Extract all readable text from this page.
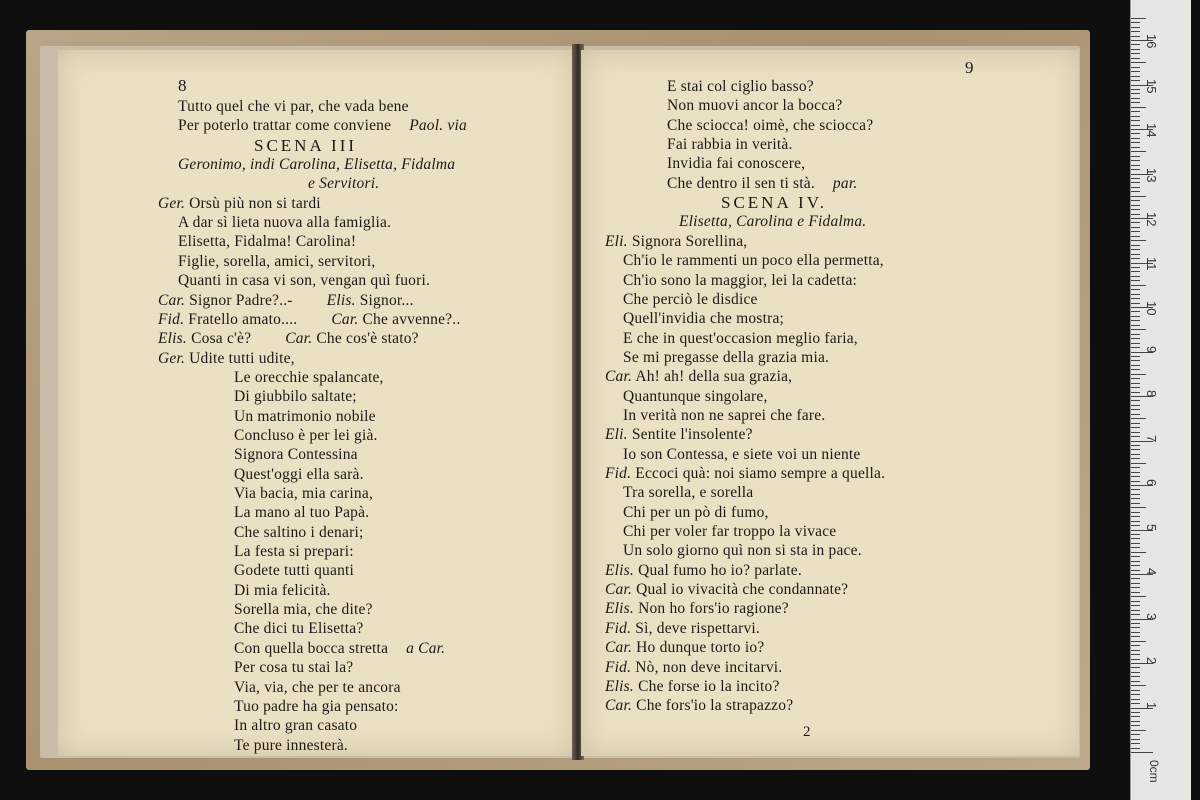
8
Tutto quel che vi par, che vada bene
Per poterlo trattar come conviene Paol. via
SCENA III
Geronimo, indi Carolina, Elisetta, Fidalma
e Servitori.
Ger. Orsù più non si tardi
A dar sì lieta nuova alla famiglia.
Elisetta, Fidalma! Carolina!
Figlie, sorella, amici, servitori,
Quanti in casa vi son, vengan quì fuori.
Car. Signor Padre?..- Elis. Signor...
Fid. Fratello amato.... Car. Che avvenne?..
Elis. Cosa c'è? Car. Che cos'è stato?
Ger. Udite tutti udite,
Le orecchie spalancate,
Di giubbilo saltate;
Un matrimonio nobile
Concluso è per lei già.
Signora Contessina
Quest'oggi ella sarà.
Via bacia, mia carina,
La mano al tuo Papà.
Che saltino i denari;
La festa si prepari:
Godete tutti quanti
Di mia felicità.
Sorella mia, che dite?
Che dici tu Elisetta?
Con quella bocca stretta a Car.
Per cosa tu stai la?
Via, via, che per te ancora
Tuo padre ha gia pensato:
In altro gran casato
Te pure innesterà.
9
E stai col ciglio basso?
Non muovi ancor la bocca?
Che sciocca! oimè, che sciocca?
Fai rabbia in verità.
Invidia fai conoscere,
Che dentro il sen ti stà. par.
SCENA IV.
Elisetta, Carolina e Fidalma.
Eli. Signora Sorellina,
Ch'io le rammenti un poco ella permetta,
Ch'io sono la maggior, lei la cadetta:
Che perciò le disdice
Quell'invidia che mostra;
E che in quest'occasion meglio faria,
Se mi pregasse della grazia mia.
Car. Ah! ah! della sua grazia,
Quantunque singolare,
In verità non ne saprei che fare.
Eli. Sentite l'insolente?
Io son Contessa, e siete voi un niente
Fid. Eccoci quà: noi siamo sempre a quella.
Tra sorella, e sorella
Chi per un pò di fumo,
Chi per voler far troppo la vivace
Un solo giorno quì non si sta in pace.
Elis. Qual fumo ho io? parlate.
Car. Qual io vivacità che condannate?
Elis. Non ho fors'io ragione?
Fid. Sì, deve rispettarvi.
Car. Ho dunque torto io?
Fid. Nò, non deve incitarvi.
Elis. Che forse io la incito?
Car. Che fors'io la strapazzo?
2
1
2
3
4
5
6
7
8
9
10
11
12
13
14
15
16
0cm
